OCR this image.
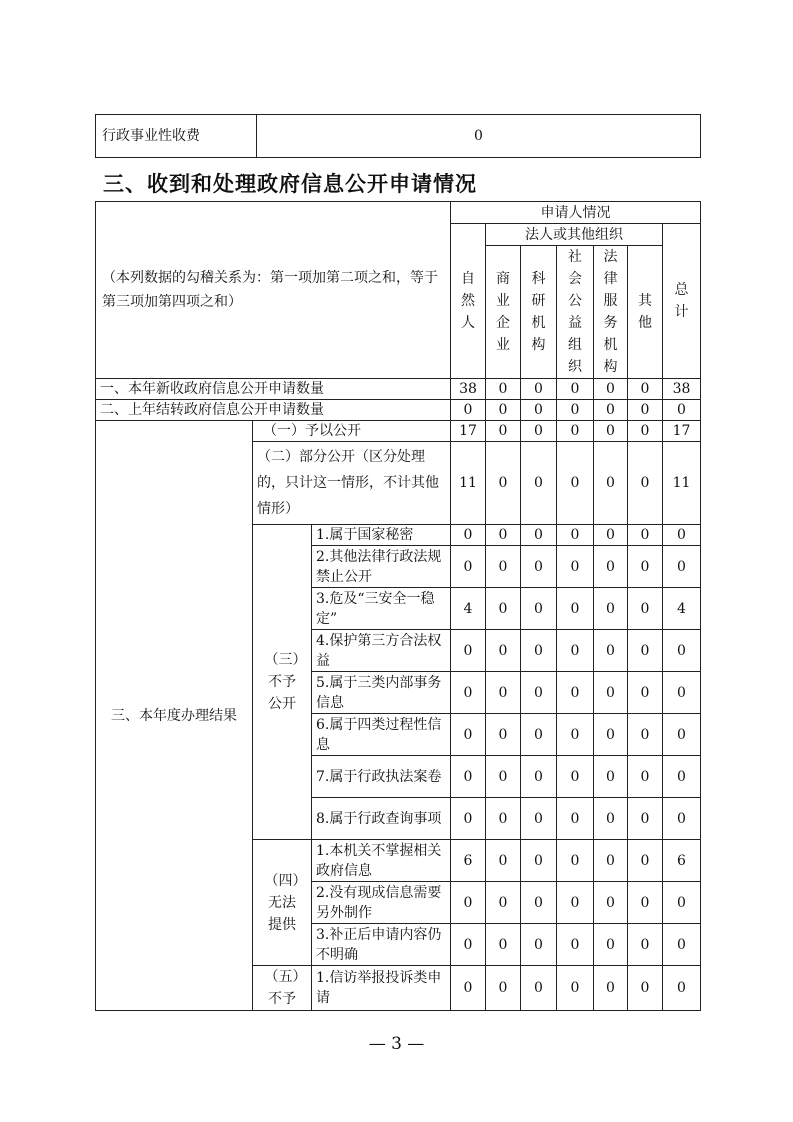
行政事业性收费	0
三、收到和处理政府信息公开申请情况
（本列数据的勾稽关系为：第一项加第二项之和，等于第三项加第四项之和）			申请人情况						

			自然人	法人或其他组织					总计

				商业企业	科研机构	社会公益组织	法律服务机构	其他	

一、本年新收政府信息公开申请数量			38	0	0	0	0	0	38
二、上年结转政府信息公开申请数量			0	0	0	0	0	0	0
三、本年度办理结果	（一）予以公开		17	0	0	0	0	0	17
	（二）部分公开（区分处理的，只计这一情形，不计其他情形）		11	0	0	0	0	0	11

	（三）不予公开	1.属于国家秘密	0	0	0	0	0	0	0
		2.其他法律行政法规禁止公开	0	0	0	0	0	0	0
		3.危及“三安全一稳定”	4	0	0	0	0	0	4
		4.保护第三方合法权益	0	0	0	0	0	0	0
		5.属于三类内部事务信息	0	0	0	0	0	0	0
		6.属于四类过程性信息	0	0	0	0	0	0	0
		7.属于行政执法案卷	0	0	0	0	0	0	0
		8.属于行政查询事项	0	0	0	0	0	0	0

	（四）无法提供	1.本机关不掌握相关政府信息	6	0	0	0	0	0	6
		2.没有现成信息需要另外制作	0	0	0	0	0	0	0
		3.补正后申请内容仍不明确	0	0	0	0	0	0	0

	（五）不予	1.信访举报投诉类申请	0	0	0	0	0	0	0

— 3 —
